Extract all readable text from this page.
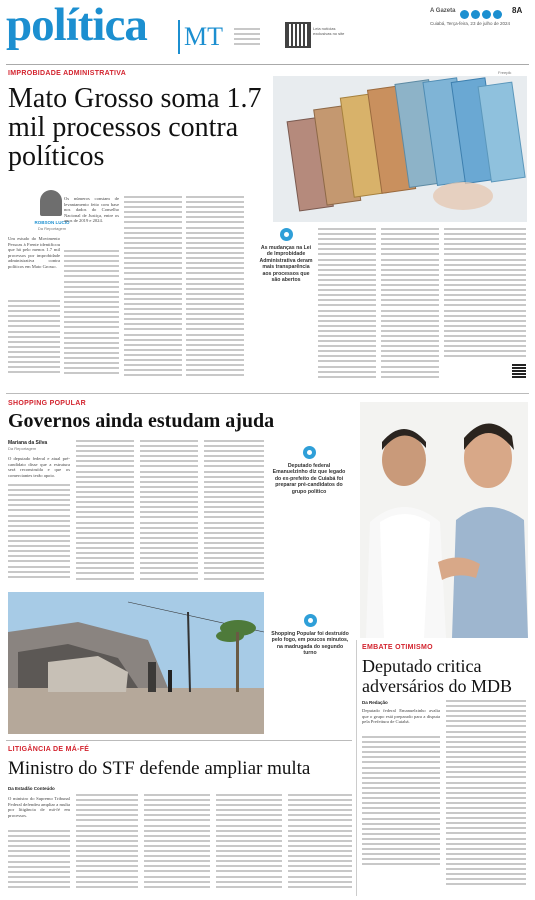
política MT	Leia notícias exclusivas no site
A Gazeta	8A
Cuiabá, Terça-feira, 23 de julho de 2024
IMPROBIDADE ADMINISTRATIVA	Freepik
Mato Grosso soma 1.7 mil processos contra políticos
ROBSON LUCIO
Da Reportagem

Um estudo do Movimento Pessoas à Frente identificou que há pelo menos 1.7 mil processos por improbidade administrativa contra políticos em Mato Grosso.

Os números constam de levantamento feito com base nos dados do Conselho Nacional de Justiça, entre os anos de 2019 e 2024.

As mudanças na Lei de Improbidade Administrativa deram mais transparência aos processos que são abertos
SHOPPING POPULAR
Governos ainda estudam ajuda
Mariana da Silva
Da Reportagem

O deputado federal e atual pré-candidato disse que a estrutura será reconstruída e que os comerciantes terão apoio.

Deputado federal Emanuelzinho diz que legado do ex-prefeito de Cuiabá foi preparar pré-candidatos do grupo político
Shopping Popular foi destruído pelo fogo, em poucos minutos, na madrugada do segundo turno
EMBATE OTIMISMO
Deputado critica adversários do MDB
Da Redação

Deputado federal Emanuelzinho avalia que o grupo está preparado para a disputa pela Prefeitura de Cuiabá.

LITIGÂNCIA DE MÁ-FÉ
Ministro do STF defende ampliar multa
Da Estadão Conteúdo

O ministro do Supremo Tribunal Federal defendeu ampliar a multa por litigância de má-fé em processos.
